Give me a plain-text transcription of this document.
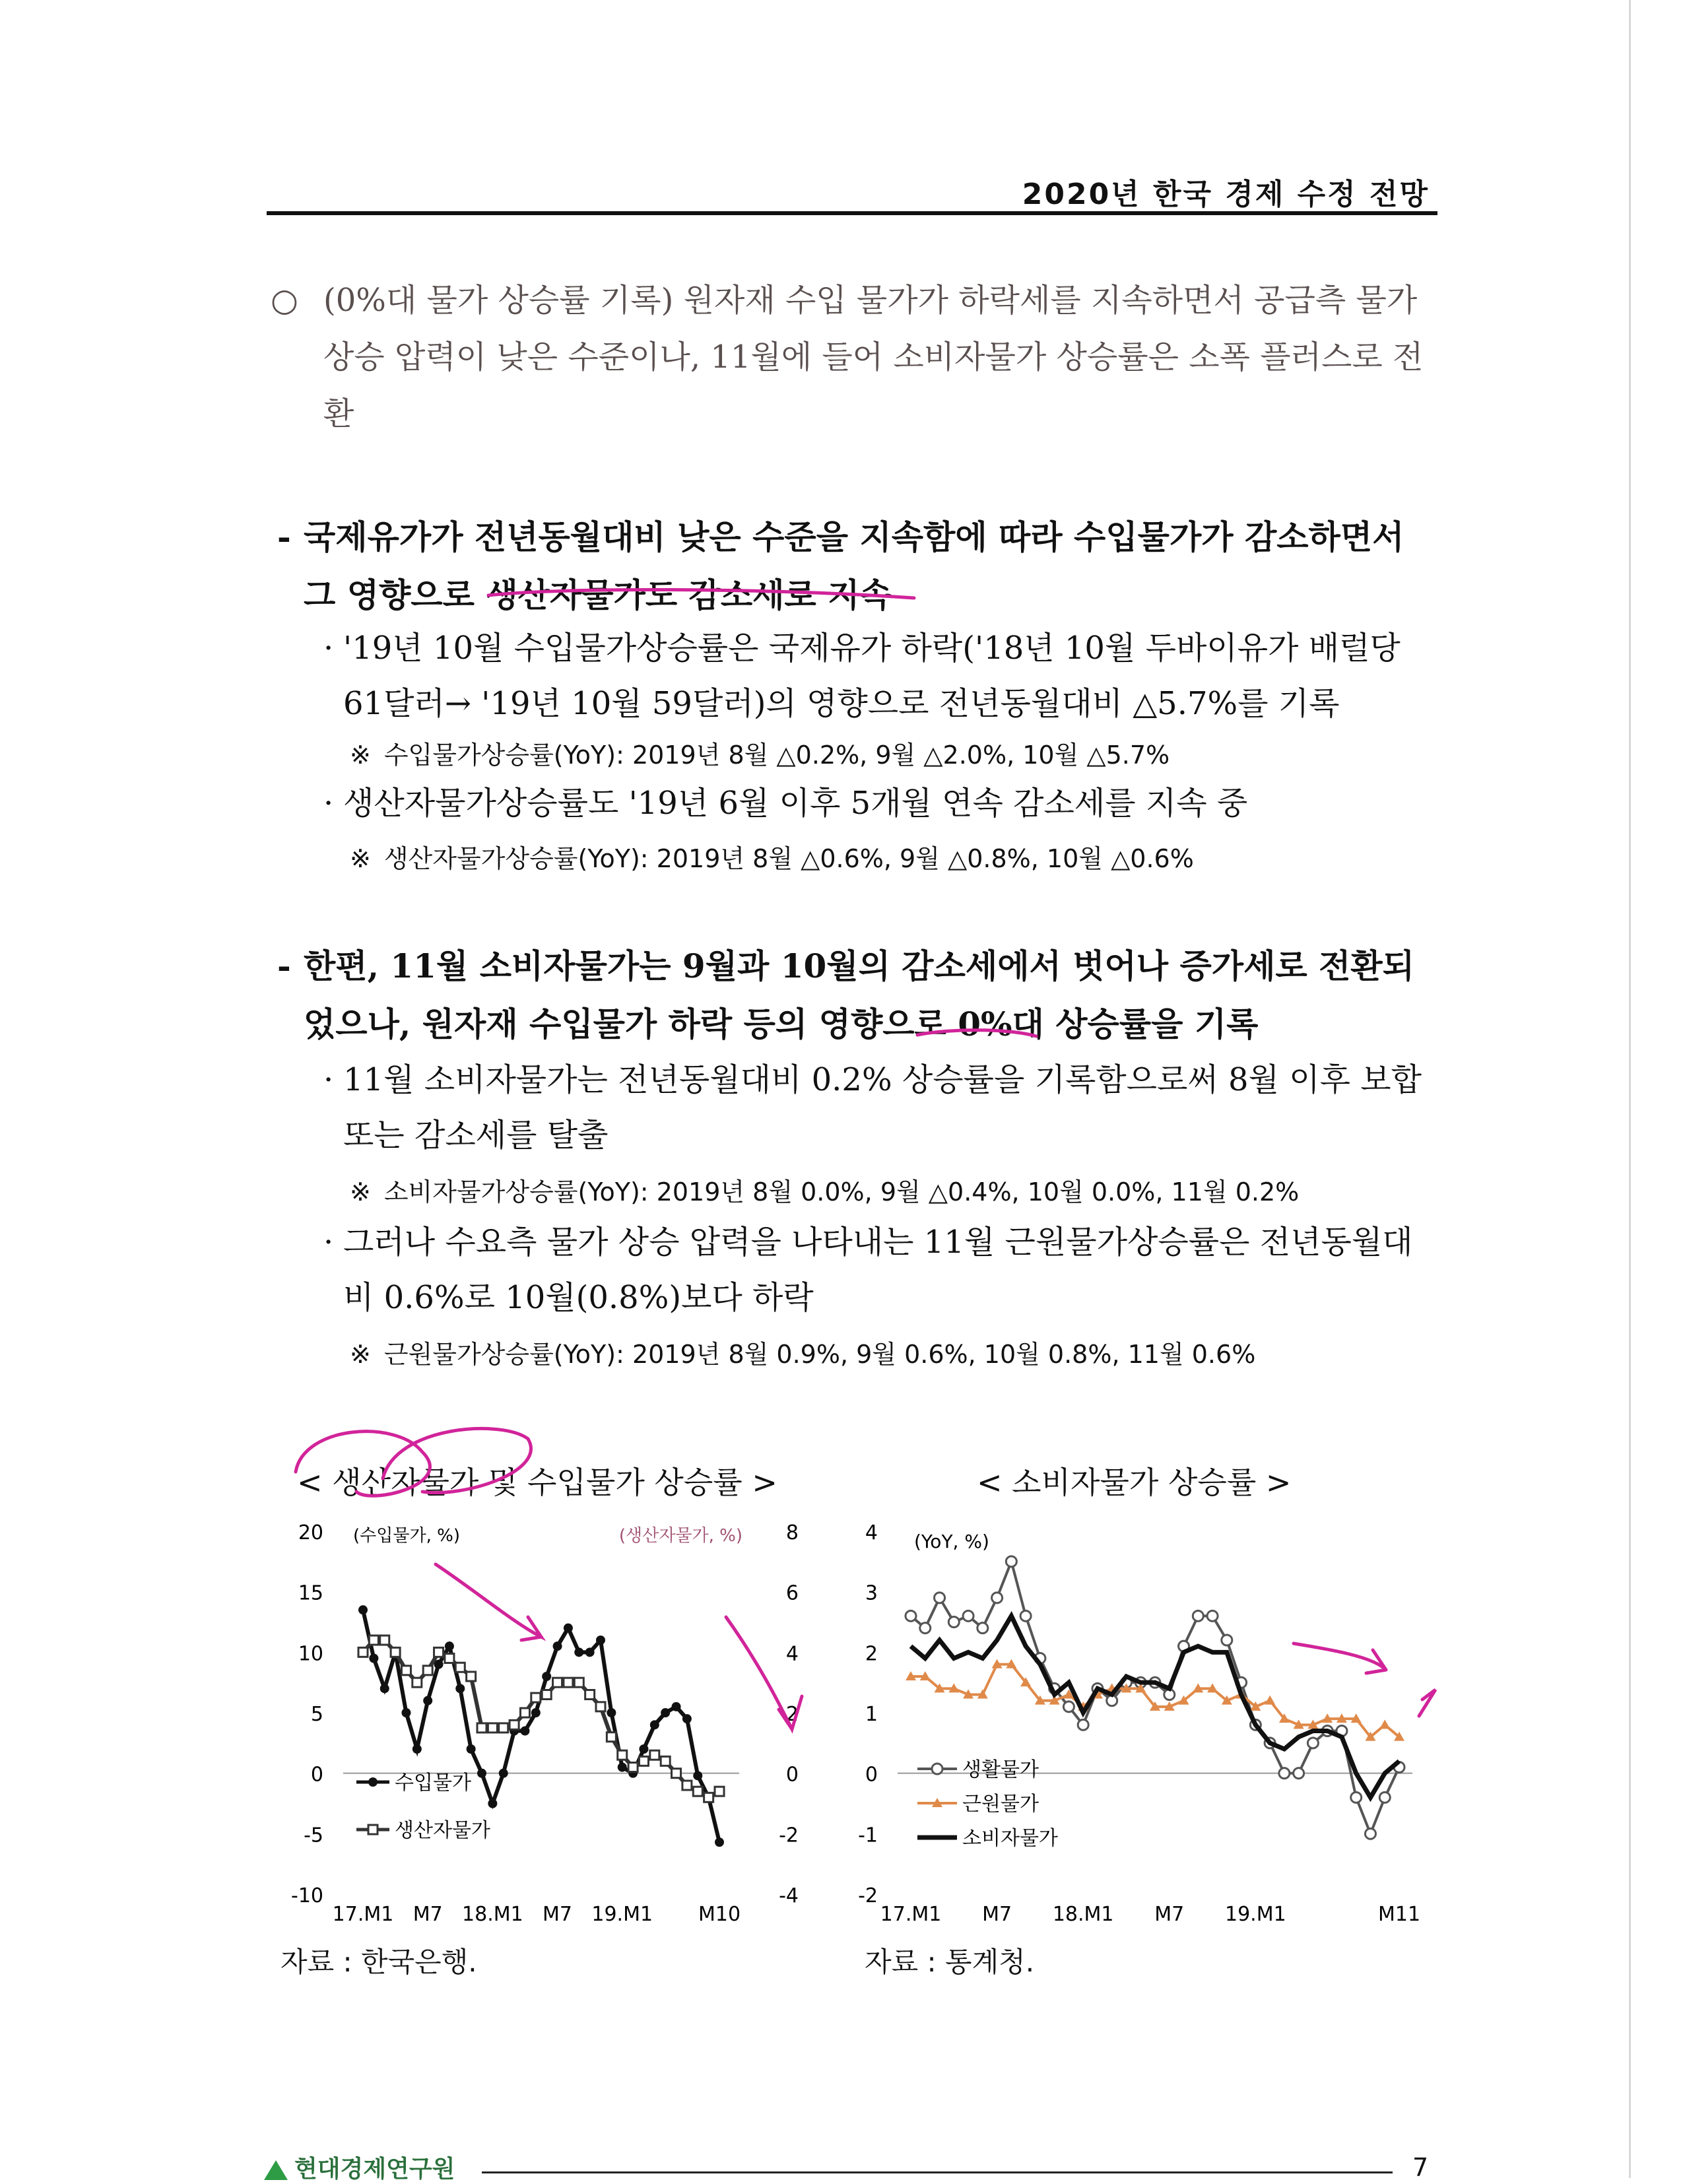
2020년 한국 경제 수정 전망

○ (0%대 물가 상승률 기록) 원자재 수입 물가가 하락세를 지속하면서 공급측 물가 상승 압력이 낮은 수준이나, 11월에 들어 소비자물가 상승률은 소폭 플러스로 전환

- 국제유가가 전년동월대비 낮은 수준을 지속함에 따라 수입물가가 감소하면서 그 영향으로 생산자물가도 감소세로 지속

· '19년 10월 수입물가상승률은 국제유가 하락('18년 10월 두바이유가 배럴당 61달러→ '19년 10월 59달러)의 영향으로 전년동월대비 △5.7%를 기록

※ 수입물가상승률(YoY): 2019년 8월 △0.2%, 9월 △2.0%, 10월 △5.7%

· 생산자물가상승률도 '19년 6월 이후 5개월 연속 감소세를 지속 중

※ 생산자물가상승률(YoY): 2019년 8월 △0.6%, 9월 △0.8%, 10월 △0.6%

- 한편, 11월 소비자물가는 9월과 10월의 감소세에서 벗어나 증가세로 전환되었으나, 원자재 수입물가 하락 등의 영향으로 0%대 상승률을 기록

· 11월 소비자물가는 전년동월대비 0.2% 상승률을 기록함으로써 8월 이후 보합 또는 감소세를 탈출

※ 소비자물가상승률(YoY): 2019년 8월 0.0%, 9월 △0.4%, 10월 0.0%, 11월 0.2%

· 그러나 수요측 물가 상승 압력을 나타내는 11월 근원물가상승률은 전년동월대비 0.6%로 10월(0.8%)보다 하락

※ 근원물가상승률(YoY): 2019년 8월 0.9%, 9월 0.6%, 10월 0.8%, 11월 0.6%

< 생산자물가 및 수입물가 상승률 >	< 소비자물가 상승률 >
20
15
10
5
0
-5
-10
8
6
4
2
0
-2
-4
17.M1 M7 18.M1 M7 19.M1 M10
(수입물가, %)	(생산자물가, %)
수입물가
생산자물가
4
3
2
1
0
-1
-2
17.M1 M7 18.M1 M7 19.M1	M11
(YoY, %)
생활물가
근원물가
소비자물가
자료 : 한국은행.	자료 : 통계청.
현대경제연구원	7
